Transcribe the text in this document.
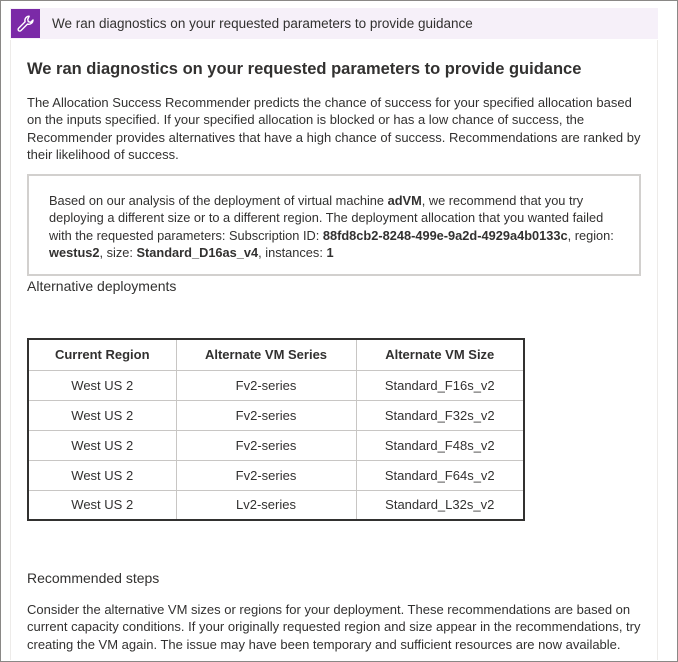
We ran diagnostics on your requested parameters to provide guidance
We ran diagnostics on your requested parameters to provide guidance

The Allocation Success Recommender predicts the chance of success for your specified allocation based on the inputs specified. If your specified allocation is blocked or has a low chance of success, the Recommender provides alternatives that have a high chance of success. Recommendations are ranked by their likelihood of success.

Based on our analysis of the deployment of virtual machine adVM, we recommend that you try deploying a different size or to a different region. The deployment allocation that you wanted failed with the requested parameters: Subscription ID: 88fd8cb2-8248-499e-9a2d-4929a4b0133c, region: westus2, size: Standard_D16as_v4, instances: 1
Alternative deployments
Current Region	Alternate VM Series	Alternate VM Size
West US 2	Fv2-series	Standard_F16s_v2
West US 2	Fv2-series	Standard_F32s_v2
West US 2	Fv2-series	Standard_F48s_v2
West US 2	Fv2-series	Standard_F64s_v2
West US 2	Lv2-series	Standard_L32s_v2
Recommended steps

Consider the alternative VM sizes or regions for your deployment. These recommendations are based on current capacity conditions. If your originally requested region and size appear in the recommendations, try creating the VM again. The issue may have been temporary and sufficient resources are now available.
